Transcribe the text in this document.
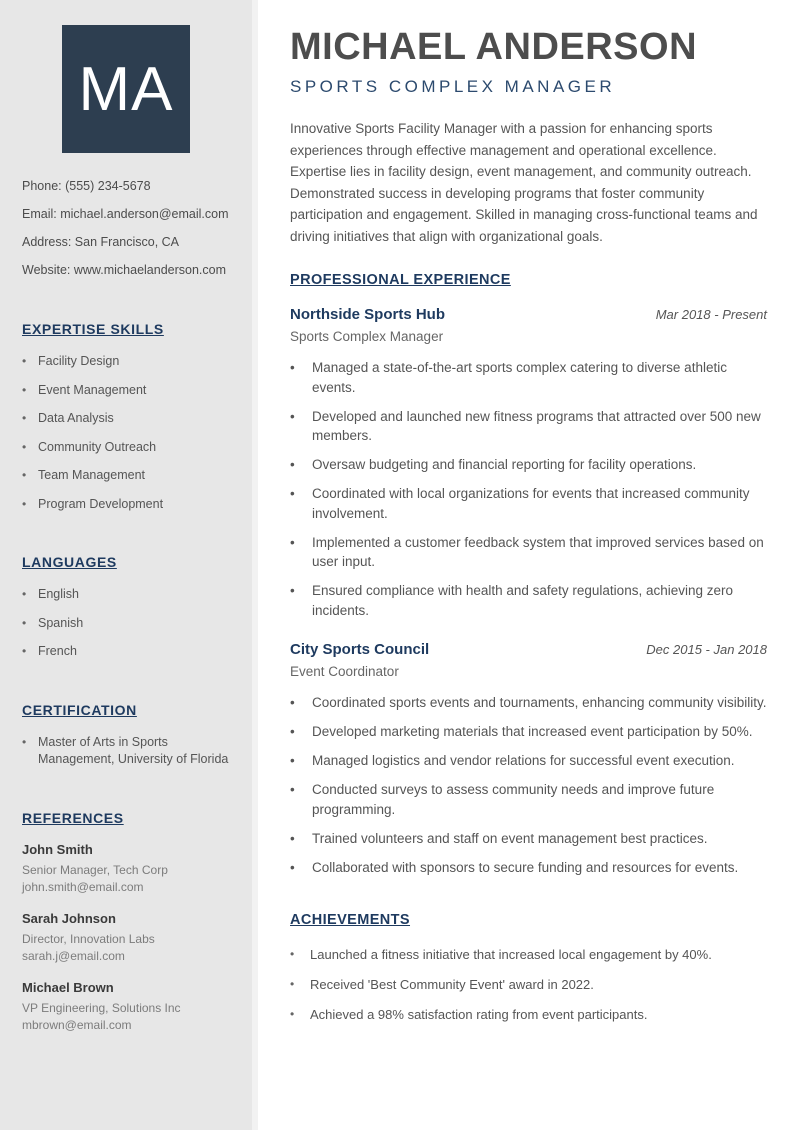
MA
Phone: (555) 234-5678
Email: michael.anderson@email.com
Address: San Francisco, CA
Website: www.michaelanderson.com
EXPERTISE SKILLS
• Facility Design
• Event Management
• Data Analysis
• Community Outreach
• Team Management
• Program Development
LANGUAGES
• English
• Spanish
• French
CERTIFICATION
• Master of Arts in Sports Management, University of Florida
REFERENCES
John Smith
Senior Manager, Tech Corp
john.smith@email.com
Sarah Johnson
Director, Innovation Labs
sarah.j@email.com
Michael Brown
VP Engineering, Solutions Inc
mbrown@email.com
MICHAEL ANDERSON
SPORTS COMPLEX MANAGER

Innovative Sports Facility Manager with a passion for enhancing sports experiences through effective management and operational excellence. Expertise lies in facility design, event management, and community outreach. Demonstrated success in developing programs that foster community participation and engagement. Skilled in managing cross-functional teams and driving initiatives that align with organizational goals.

PROFESSIONAL EXPERIENCE
Northside Sports Hub	Mar 2018 - Present
Sports Complex Manager
•	Managed a state-of-the-art sports complex catering to diverse athletic events.
•	Developed and launched new fitness programs that attracted over 500 new members.
•	Oversaw budgeting and financial reporting for facility operations.
•	Coordinated with local organizations for events that increased community involvement.
•	Implemented a customer feedback system that improved services based on user input.
•	Ensured compliance with health and safety regulations, achieving zero incidents.
City Sports Council	Dec 2015 - Jan 2018
Event Coordinator
•	Coordinated sports events and tournaments, enhancing community visibility.
•	Developed marketing materials that increased event participation by 50%.
•	Managed logistics and vendor relations for successful event execution.
•	Conducted surveys to assess community needs and improve future programming.
•	Trained volunteers and staff on event management best practices.
•	Collaborated with sponsors to secure funding and resources for events.
ACHIEVEMENTS
•	Launched a fitness initiative that increased local engagement by 40%.
•	Received 'Best Community Event' award in 2022.
•	Achieved a 98% satisfaction rating from event participants.
